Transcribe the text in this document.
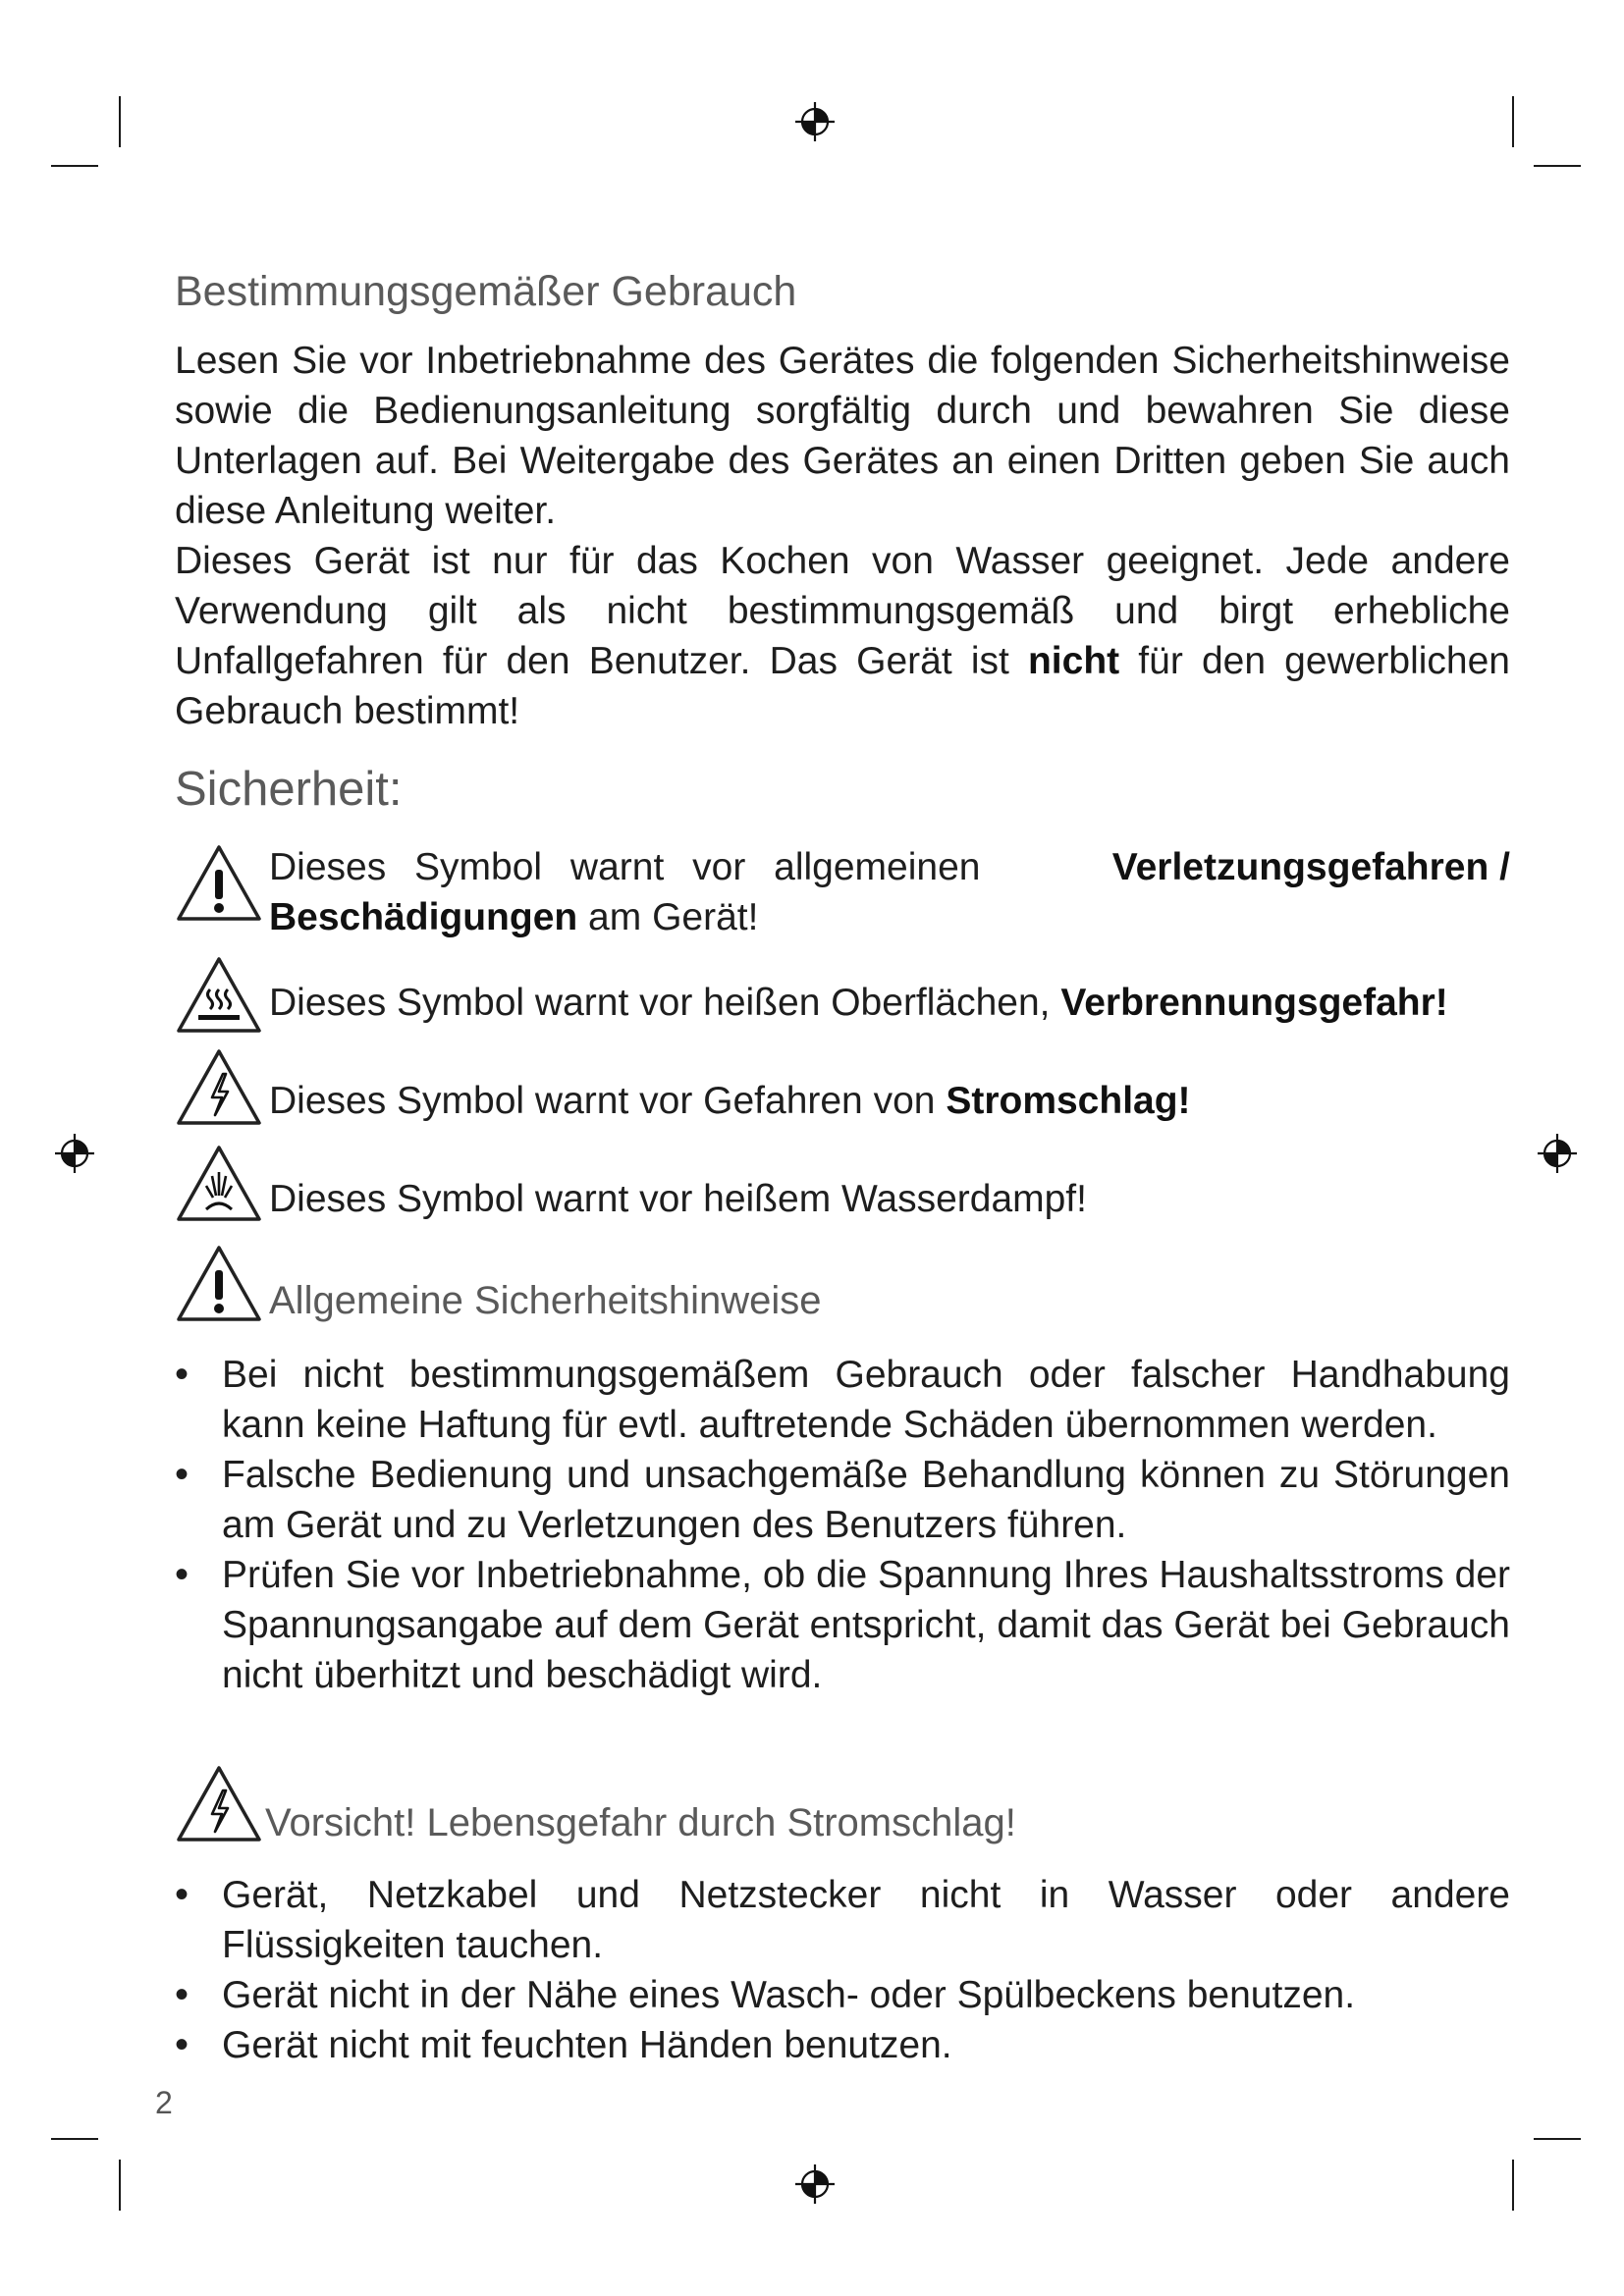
Bestimmungsgemäßer Gebrauch

Lesen Sie vor Inbetriebnahme des Gerätes die folgenden Sicherheitshinweise sowie die Bedienungsanleitung sorgfältig durch und bewahren Sie diese Unterlagen auf. Bei Weitergabe des Gerätes an einen Dritten geben Sie auch diese Anleitung weiter.

Dieses Gerät ist nur für das Kochen von Wasser geeignet. Jede andere Verwendung gilt als nicht bestimmungsgemäß und birgt erhebliche Unfallgefahren für den Benutzer. Das Gerät ist nicht für den gewerblichen Gebrauch bestimmt!

Sicherheit:
Dieses Symbol warnt vor allgemeinen	Verletzungsgefahren /
Beschädigungen am Gerät!
Dieses Symbol warnt vor heißen Oberflächen, Verbrennungsgefahr!
Dieses Symbol warnt vor Gefahren von Stromschlag!
Dieses Symbol warnt vor heißem Wasserdampf!
Allgemeine Sicherheitshinweise
• Bei nicht bestimmungsgemäßem Gebrauch oder falscher Handhabung kann keine Haftung für evtl. auftretende Schäden übernommen werden.
• Falsche Bedienung und unsachgemäße Behandlung können zu Störungen am Gerät und zu Verletzungen des Benutzers führen.
• Prüfen Sie vor Inbetriebnahme, ob die Spannung Ihres Haushaltsstroms der Spannungsangabe auf dem Gerät entspricht, damit das Gerät bei Gebrauch nicht überhitzt und beschädigt wird.
Vorsicht! Lebensgefahr durch Stromschlag!
• Gerät, Netzkabel und Netzstecker nicht in Wasser oder andere Flüssigkeiten tauchen.
• Gerät nicht in der Nähe eines Wasch- oder Spülbeckens benutzen.
• Gerät nicht mit feuchten Händen benutzen.
2
